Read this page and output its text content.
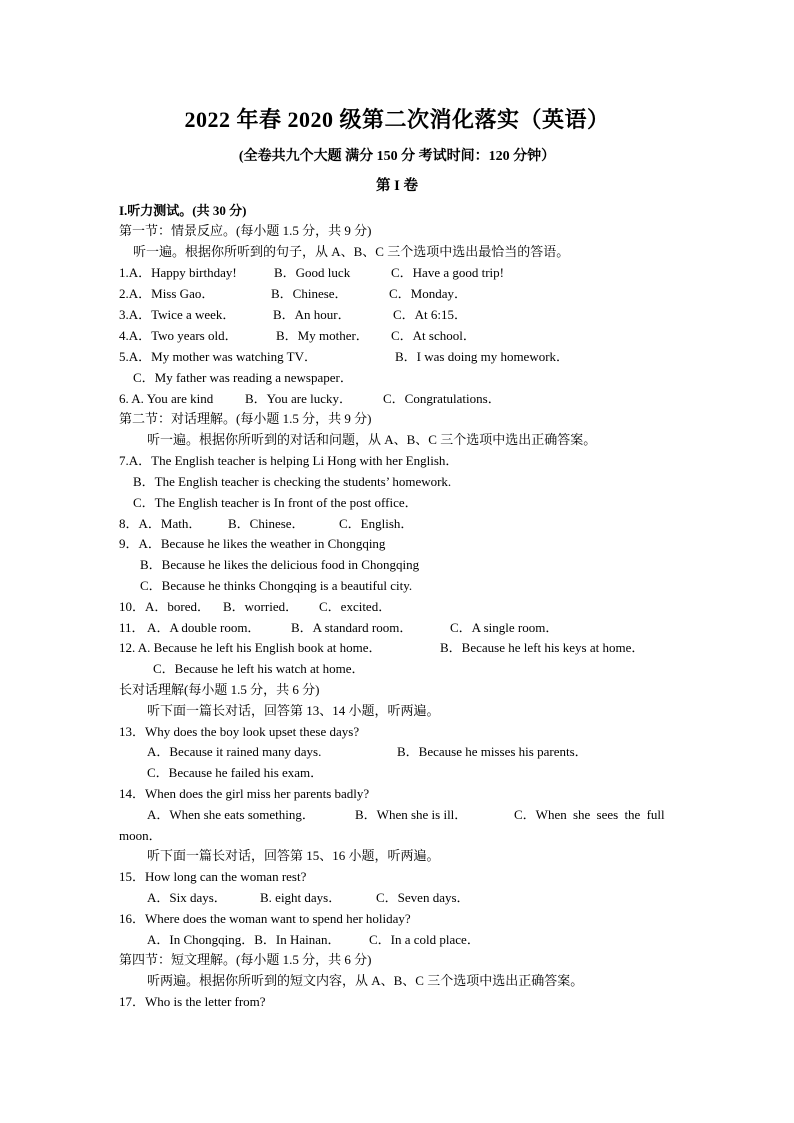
2022 年春 2020 级第二次消化落实（英语）
(全卷共九个大题 满分 150 分 考试时间：120 分钟）
第 I 卷
I.听力测试。(共 30 分)
第一节：情景反应。(每小题 1.5 分，共 9 分)
听一遍。根据你所听到的句子，从 A、B、C 三个选项中选出最恰当的答语。
1.A．Happy birthday!	B．Good luck	C．Have a good trip!
2.A．Miss Gao．	B．Chinese．	C．Monday．
3.A．Twice a week．	B．An hour．	C．At 6:15．
4.A．Two years old．	B．My mother． C．At school．
5.A．My mother was watching TV．	B．I was doing my homework．
C．My father was reading a newspaper．
6. A. You are kind B．You are lucky． C．Congratulations．
第二节：对话理解。(每小题 1.5 分，共 9 分)
听一遍。根据你所听到的对话和问题，从 A、B、C 三个选项中选出正确答案。
7.A．The English teacher is helping Li Hong with her English．
B．The English teacher is checking the students’ homework.
C．The English teacher is In front of the post office．
8．A．Math． B．Chinese．	C．English．
9．A．Because he likes the weather in Chongqing
B．Because he likes the delicious food in Chongqing
C．Because he thinks Chongqing is a beautiful city.
10．A．bored． B．worried． C．excited．
11． A．A double room． B．A standard room．	C．A single room．
12. A. Because he left his English book at home．	B．Because he left his keys at home．
C．Because he left his watch at home．
长对话理解(每小题 1.5 分，共 6 分)
听下面一篇长对话，回答第 13、14 小题，听两遍。
13．Why does the boy look upset these days?
A．Because it rained many days.	B．Because he misses his parents．
C．Because he failed his exam．
14．When does the girl miss her parents badly?
A．When she eats something．	B．When she is ill．	C．When she sees the full
moon．
听下面一篇长对话，回答第 15、16 小题，听两遍。
15．How long can the woman rest?
A．Six days．	B. eight days．	C．Seven days．
16．Where does the woman want to spend her holiday?
A．In Chongqing．B．In Hainan． C．In a cold place．
第四节：短文理解。(每小题 1.5 分，共 6 分)
听两遍。根据你所听到的短文内容，从 A、B、C 三个选项中选出正确答案。
17．Who is the letter from?
